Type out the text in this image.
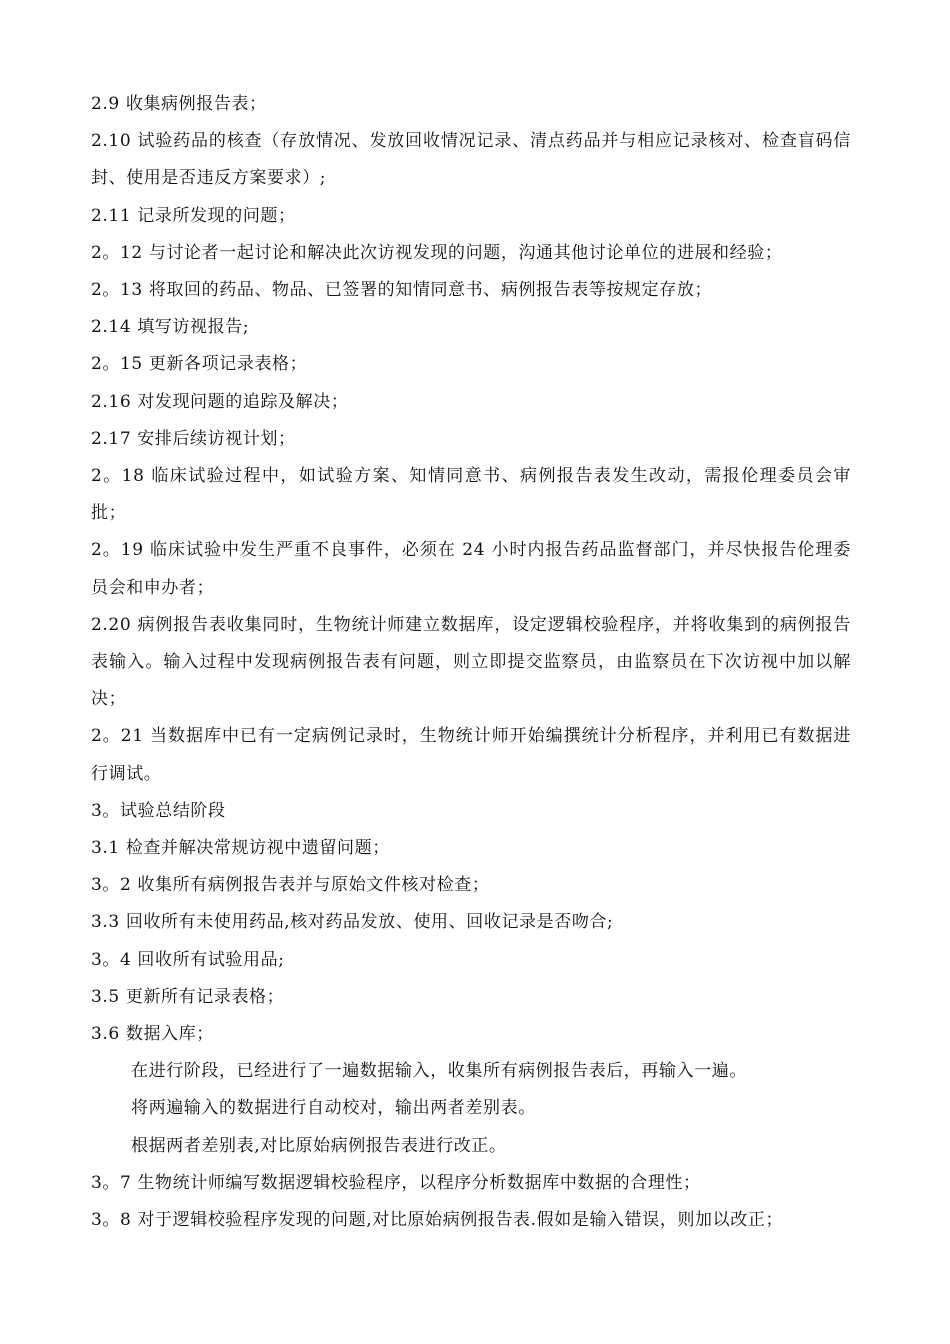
2.9 收集病例报告表；

2.10 试验药品的核查（存放情况、发放回收情况记录、清点药品并与相应记录核对、检查盲码信封、使用是否违反方案要求）;

2.11 记录所发现的问题；

2。12 与讨论者一起讨论和解决此次访视发现的问题，沟通其他讨论单位的进展和经验；

2。13 将取回的药品、物品、已签署的知情同意书、病例报告表等按规定存放；

2.14 填写访视报告;

2。15 更新各项记录表格；

2.16 对发现问题的追踪及解决；

2.17 安排后续访视计划；

2。18 临床试验过程中，如试验方案、知情同意书、病例报告表发生改动，需报伦理委员会审批；

2。19 临床试验中发生严重不良事件，必须在 24 小时内报告药品监督部门，并尽快报告伦理委员会和申办者；

2.20 病例报告表收集同时，生物统计师建立数据库，设定逻辑校验程序，并将收集到的病例报告表输入。输入过程中发现病例报告表有问题，则立即提交监察员，由监察员在下次访视中加以解决；

2。21 当数据库中已有一定病例记录时，生物统计师开始编撰统计分析程序，并利用已有数据进行调试。

3。试验总结阶段

3.1 检查并解决常规访视中遗留问题；

3。2 收集所有病例报告表并与原始文件核对检查；

3.3 回收所有未使用药品,核对药品发放、使用、回收记录是否吻合;

3。4 回收所有试验用品;

3.5 更新所有记录表格；

3.6 数据入库；

在进行阶段，已经进行了一遍数据输入，收集所有病例报告表后，再输入一遍。

将两遍输入的数据进行自动校对，输出两者差别表。

根据两者差别表,对比原始病例报告表进行改正。

3。7 生物统计师编写数据逻辑校验程序，以程序分析数据库中数据的合理性；

3。8 对于逻辑校验程序发现的问题,对比原始病例报告表.假如是输入错误，则加以改正；
